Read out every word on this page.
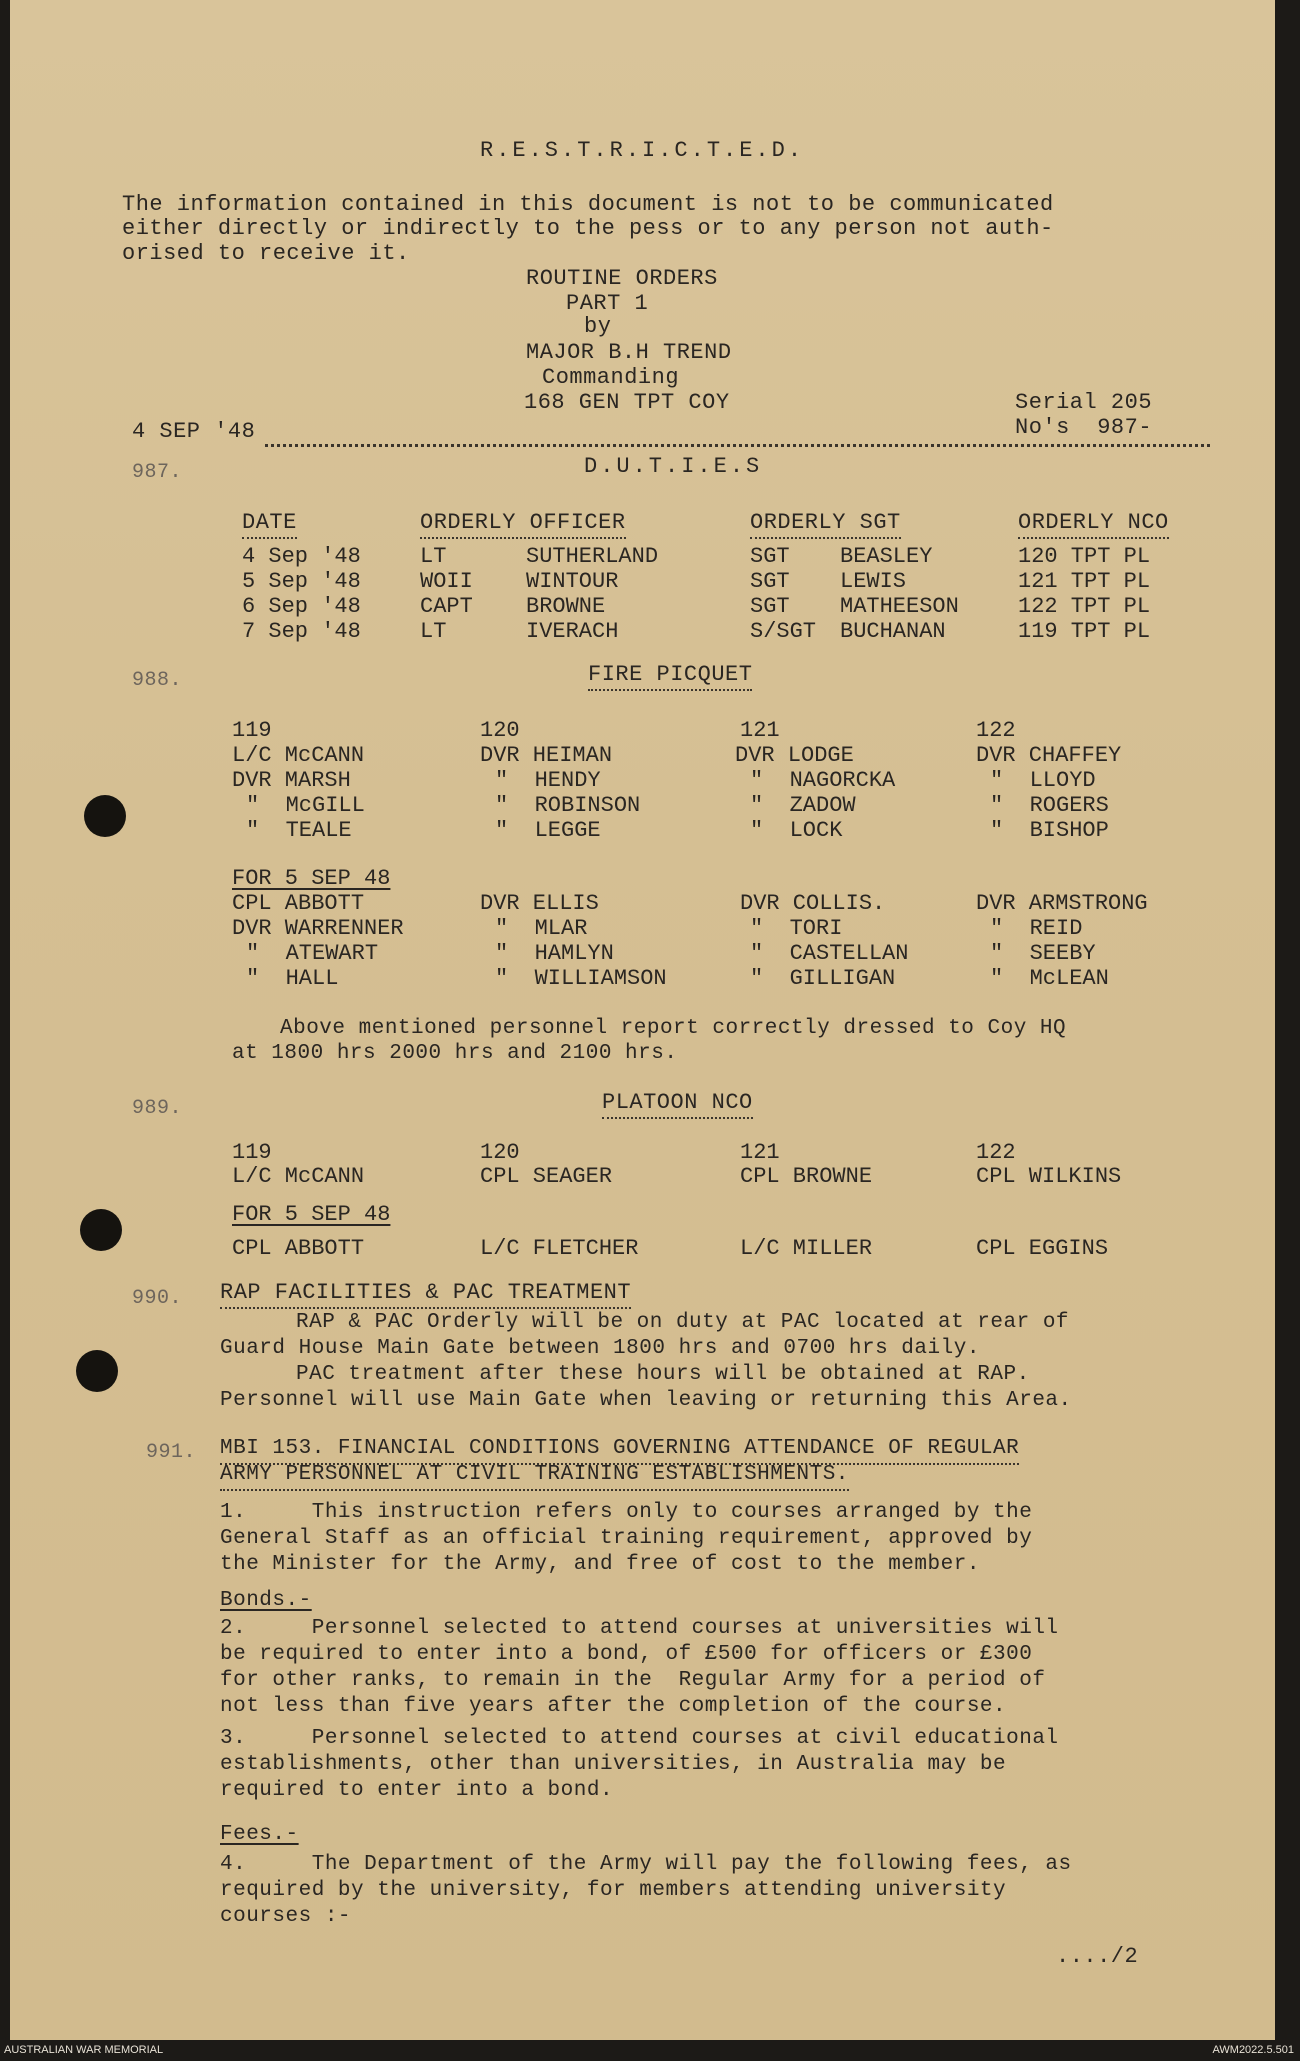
R.E.S.T.R.I.C.T.E.D.
The information contained in this document is not to be communicated
either directly or indirectly to the pess or to any person not auth-
orised to receive it.
ROUTINE ORDERS
PART 1
by
MAJOR B.H TREND
Commanding
168 GEN TPT COY	Serial 205
No's  987-
4 SEP '48
987.	D.U.T.I.E.S
DATE	ORDERLY OFFICER	ORDERLY SGT	ORDERLY NCO
4 Sep '48	LT	SUTHERLAND	SGT BEASLEY	120 TPT PL
5 Sep '48	WOII WINTOUR	SGT LEWIS	121 TPT PL
6 Sep '48	CAPT BROWNE	SGT MATHEESON	122 TPT PL
7 Sep '48	LT	IVERACH	S/SGT BUCHANAN	119 TPT PL
988.	FIRE PICQUET
119	120	121	122
L/C McCANN	DVR HEIMAN	DVR LODGE	DVR CHAFFEY
DVR MARSH	"  HENDY	"  NAGORCKA	"  LLOYD
"  McGILL	"  ROBINSON	"  ZADOW	"  ROGERS
"  TEALE	"  LEGGE	"  LOCK	"  BISHOP
FOR 5 SEP 48
CPL ABBOTT	DVR ELLIS	DVR COLLIS.	DVR ARMSTRONG
DVR WARRENNER	"  MLAR	"  TORI	"  REID
"  ATEWART	"  HAMLYN	"  CASTELLAN	"  SEEBY
"  HALL	"  WILLIAMSON	"  GILLIGAN	"  McLEAN
Above mentioned personnel report correctly dressed to Coy HQ
at 1800 hrs 2000 hrs and 2100 hrs.
989.	PLATOON NCO
119	120	121	122
L/C McCANN	CPL SEAGER	CPL BROWNE	CPL WILKINS
FOR 5 SEP 48
CPL ABBOTT	L/C FLETCHER	L/C MILLER	CPL EGGINS
990. RAP FACILITIES & PAC TREATMENT
RAP & PAC Orderly will be on duty at PAC located at rear of
Guard House Main Gate between 1800 hrs and 0700 hrs daily.
PAC treatment after these hours will be obtained at RAP.
Personnel will use Main Gate when leaving or returning this Area.
991. MBI 153. FINANCIAL CONDITIONS GOVERNING ATTENDANCE OF REGULAR
ARMY PERSONNEL AT CIVIL TRAINING ESTABLISHMENTS.
1.     This instruction refers only to courses arranged by the
General Staff as an official training requirement, approved by
the Minister for the Army, and free of cost to the member.
Bonds.-
2.     Personnel selected to attend courses at universities will
be required to enter into a bond, of £500 for officers or £300
for other ranks, to remain in the  Regular Army for a period of
not less than five years after the completion of the course.
3.     Personnel selected to attend courses at civil educational
establishments, other than universities, in Australia may be
required to enter into a bond.
Fees.-
4.     The Department of the Army will pay the following fees, as
required by the university, for members attending university
courses :-
..../2
AUSTRALIAN WAR MEMORIAL	AWM2022.5.501
